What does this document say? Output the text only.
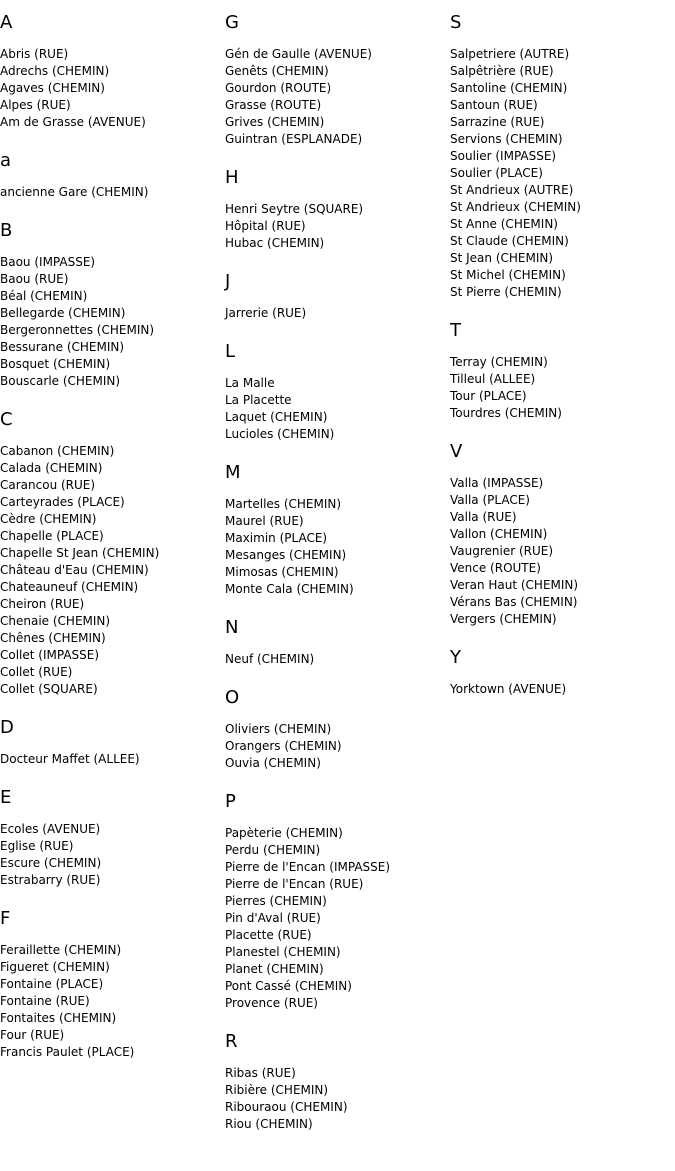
A
Abris (RUE)
Adrechs (CHEMIN)
Agaves (CHEMIN)
Alpes (RUE)
Am de Grasse (AVENUE)
a
ancienne Gare (CHEMIN)
B
Baou (IMPASSE)
Baou (RUE)
Béal (CHEMIN)
Bellegarde (CHEMIN)
Bergeronnettes (CHEMIN)
Bessurane (CHEMIN)
Bosquet (CHEMIN)
Bouscarle (CHEMIN)
C
Cabanon (CHEMIN)
Calada (CHEMIN)
Carancou (RUE)
Carteyrades (PLACE)
Cèdre (CHEMIN)
Chapelle (PLACE)
Chapelle St Jean (CHEMIN)
Château d'Eau (CHEMIN)
Chateauneuf (CHEMIN)
Cheiron (RUE)
Chenaie (CHEMIN)
Chênes (CHEMIN)
Collet (IMPASSE)
Collet (RUE)
Collet (SQUARE)
D
Docteur Maffet (ALLEE)
E
Ecoles (AVENUE)
Eglise (RUE)
Escure (CHEMIN)
Estrabarry (RUE)
F
Feraillette (CHEMIN)
Figueret (CHEMIN)
Fontaine (PLACE)
Fontaine (RUE)
Fontaites (CHEMIN)
Four (RUE)
Francis Paulet (PLACE)
G
Gén de Gaulle (AVENUE)
Genêts (CHEMIN)
Gourdon (ROUTE)
Grasse (ROUTE)
Grives (CHEMIN)
Guintran (ESPLANADE)
H
Henri Seytre (SQUARE)
Hôpital (RUE)
Hubac (CHEMIN)
J
Jarrerie (RUE)
L
La Malle
La Placette
Laquet (CHEMIN)
Lucioles (CHEMIN)
M
Martelles (CHEMIN)
Maurel (RUE)
Maximin (PLACE)
Mesanges (CHEMIN)
Mimosas (CHEMIN)
Monte Cala (CHEMIN)
N
Neuf (CHEMIN)
O
Oliviers (CHEMIN)
Orangers (CHEMIN)
Ouvia (CHEMIN)
P
Papèterie (CHEMIN)
Perdu (CHEMIN)
Pierre de l'Encan (IMPASSE)
Pierre de l'Encan (RUE)
Pierres (CHEMIN)
Pin d'Aval (RUE)
Placette (RUE)
Planestel (CHEMIN)
Planet (CHEMIN)
Pont Cassé (CHEMIN)
Provence (RUE)
R
Ribas (RUE)
Ribière (CHEMIN)
Ribouraou (CHEMIN)
Riou (CHEMIN)
S
Salpetriere (AUTRE)
Salpêtrière (RUE)
Santoline (CHEMIN)
Santoun (RUE)
Sarrazine (RUE)
Servions (CHEMIN)
Soulier (IMPASSE)
Soulier (PLACE)
St Andrieux (AUTRE)
St Andrieux (CHEMIN)
St Anne (CHEMIN)
St Claude (CHEMIN)
St Jean (CHEMIN)
St Michel (CHEMIN)
St Pierre (CHEMIN)
T
Terray (CHEMIN)
Tilleul (ALLEE)
Tour (PLACE)
Tourdres (CHEMIN)
V
Valla (IMPASSE)
Valla (PLACE)
Valla (RUE)
Vallon (CHEMIN)
Vaugrenier (RUE)
Vence (ROUTE)
Veran Haut (CHEMIN)
Vérans Bas (CHEMIN)
Vergers (CHEMIN)
Y
Yorktown (AVENUE)
